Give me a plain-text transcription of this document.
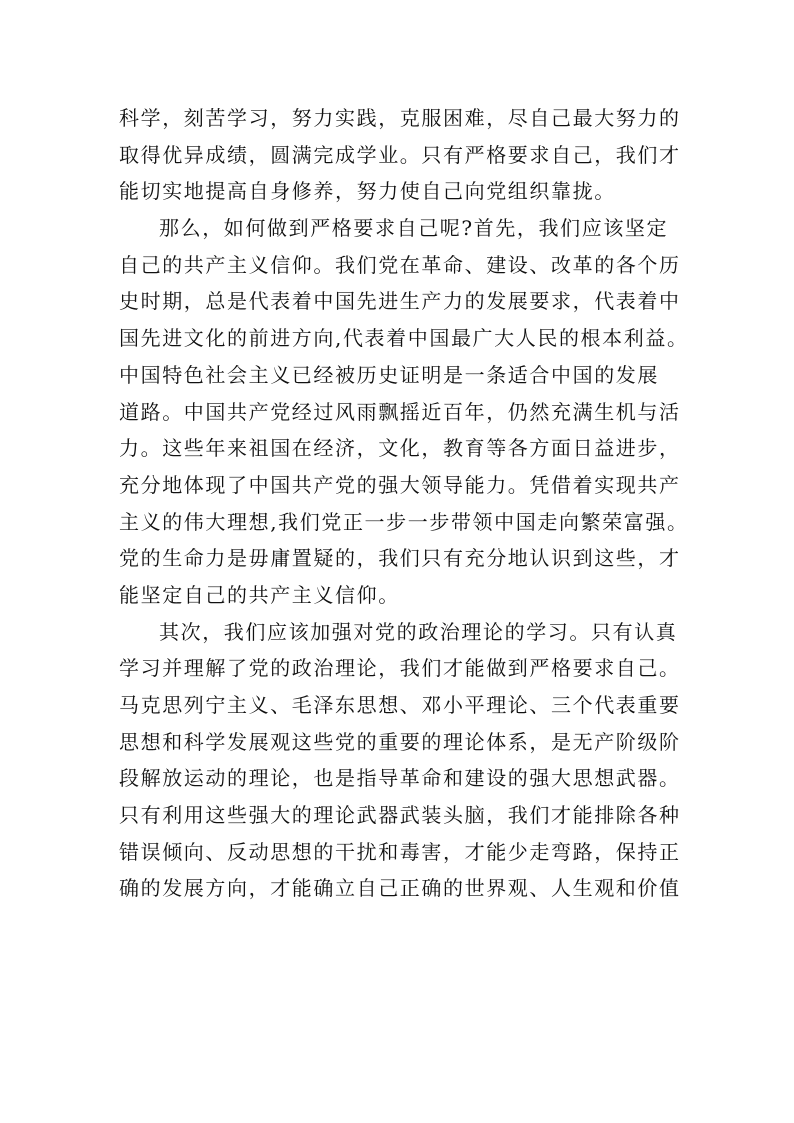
科学，刻苦学习，努力实践，克服困难，尽自己最大努力的
取得优异成绩，圆满完成学业。只有严格要求自己，我们才
能切实地提高自身修养，努力使自己向党组织靠拢。
那么，如何做到严格要求自己呢?首先，我们应该坚定
自己的共产主义信仰。我们党在革命、建设、改革的各个历
史时期，总是代表着中国先进生产力的发展要求，代表着中
国先进文化的前进方向,代表着中国最广大人民的根本利益。
中国特色社会主义已经被历史证明是一条适合中国的发展
道路。中国共产党经过风雨飘摇近百年，仍然充满生机与活
力。这些年来祖国在经济，文化，教育等各方面日益进步，
充分地体现了中国共产党的强大领导能力。凭借着实现共产
主义的伟大理想,我们党正一步一步带领中国走向繁荣富强。
党的生命力是毋庸置疑的，我们只有充分地认识到这些，才
能坚定自己的共产主义信仰。
其次，我们应该加强对党的政治理论的学习。只有认真
学习并理解了党的政治理论，我们才能做到严格要求自己。
马克思列宁主义、毛泽东思想、邓小平理论、三个代表重要
思想和科学发展观这些党的重要的理论体系，是无产阶级阶
段解放运动的理论，也是指导革命和建设的强大思想武器。
只有利用这些强大的理论武器武装头脑，我们才能排除各种
错误倾向、反动思想的干扰和毒害，才能少走弯路，保持正
确的发展方向，才能确立自己正确的世界观、人生观和价值
